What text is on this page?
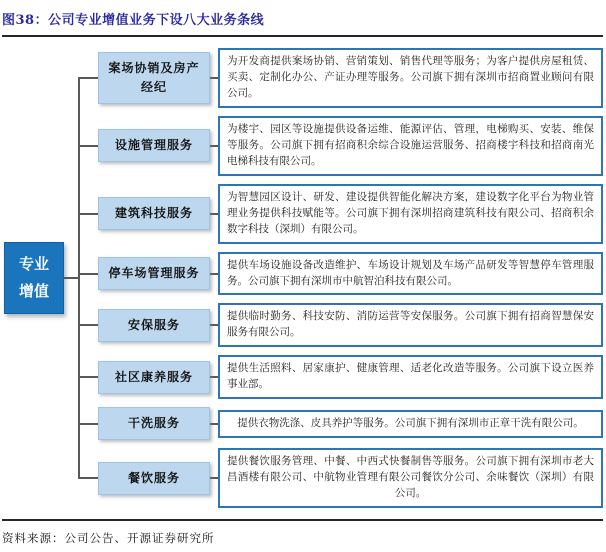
图38：公司专业增值业务下设八大业务条线
专业增值
案场协销及房产经纪
为开发商提供案场协销、营销策划、销售代理等服务；为客户提供房屋租赁、买卖、定制化办公、产证办理等服务。公司旗下拥有深圳市招商置业顾问有限公司。
设施管理服务
为楼宇、园区等设施提供设备运维、能源评估、管理，电梯购买、安装、维保等服务。公司旗下拥有招商积余综合设施运营服务、招商楼宇科技和招商南光电梯科技有限公司。
建筑科技服务
为智慧园区设计、研发、建设提供智能化解决方案，建设数字化平台为物业管理业务提供科技赋能等。公司旗下拥有深圳招商建筑科技有限公司、招商积余数字科技（深圳）有限公司。
停车场管理服务
提供车场设施设备改造维护、车场设计规划及车场产品研发等智慧停车管理服务。公司旗下拥有深圳市中航智泊科技有限公司。
安保服务
提供临时勤务、科技安防、消防运营等安保服务。公司旗下拥有招商智慧保安服务有限公司。
社区康养服务
提供生活照料、居家康护、健康管理、适老化改造等服务。公司旗下设立医养事业部。
干洗服务	提供衣物洗涤、皮具养护等服务。公司旗下拥有深圳市正章干洗有限公司。
餐饮服务
提供餐饮服务管理、中餐、中西式快餐制售等服务。公司旗下拥有深圳市老大昌酒楼有限公司、中航物业管理有限公司餐饮分公司、余味餐饮（深圳）有限公司。
资料来源：公司公告、开源证券研究所
